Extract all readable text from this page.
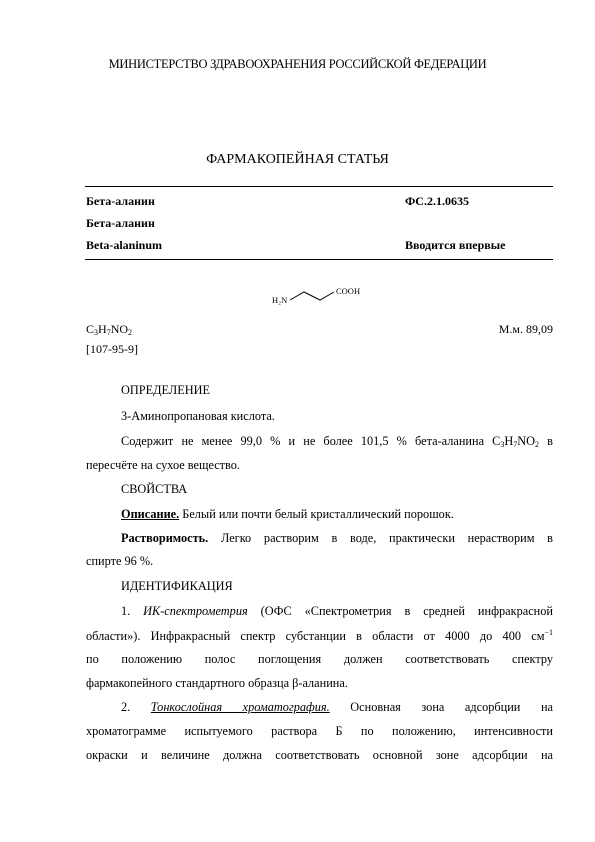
МИНИСТЕРСТВО ЗДРАВООХРАНЕНИЯ РОССИЙСКОЙ ФЕДЕРАЦИИ
ФАРМАКОПЕЙНАЯ СТАТЬЯ
Бета-аланин	ФС.2.1.0635
Бета-аланин
Beta-alaninum	Вводится впервые
H₂N
COOH
$C_3H_7NO_2$
[107-95-9]
М.м. 89,09
ОПРЕДЕЛЕНИЕ
3-Аминопропановая кислота.
Содержит не менее 99,0 % и не более 101,5 % бета-аланина $C_3H_7NO_2$ в
пересчёте на сухое вещество.
СВОЙСТВА
Описание. Белый или почти белый кристаллический порошок.
Растворимость. Легко растворим в воде, практически нерастворим в
спирте 96 %.
ИДЕНТИФИКАЦИЯ
1. ИК-спектрометрия (ОФС «Спектрометрия в средней инфракрасной
области»). Инфракрасный спектр субстанции в области от 4000 до 400 $см^{-1}$
по положению полос поглощения должен соответствовать спектру
фармакопейного стандартного образца β-аланина.
2. Тонкослойная хроматография. Основная зона адсорбции на
хроматограмме испытуемого раствора Б по положению, интенсивности
окраски и величине должна соответствовать основной зоне адсорбции на
